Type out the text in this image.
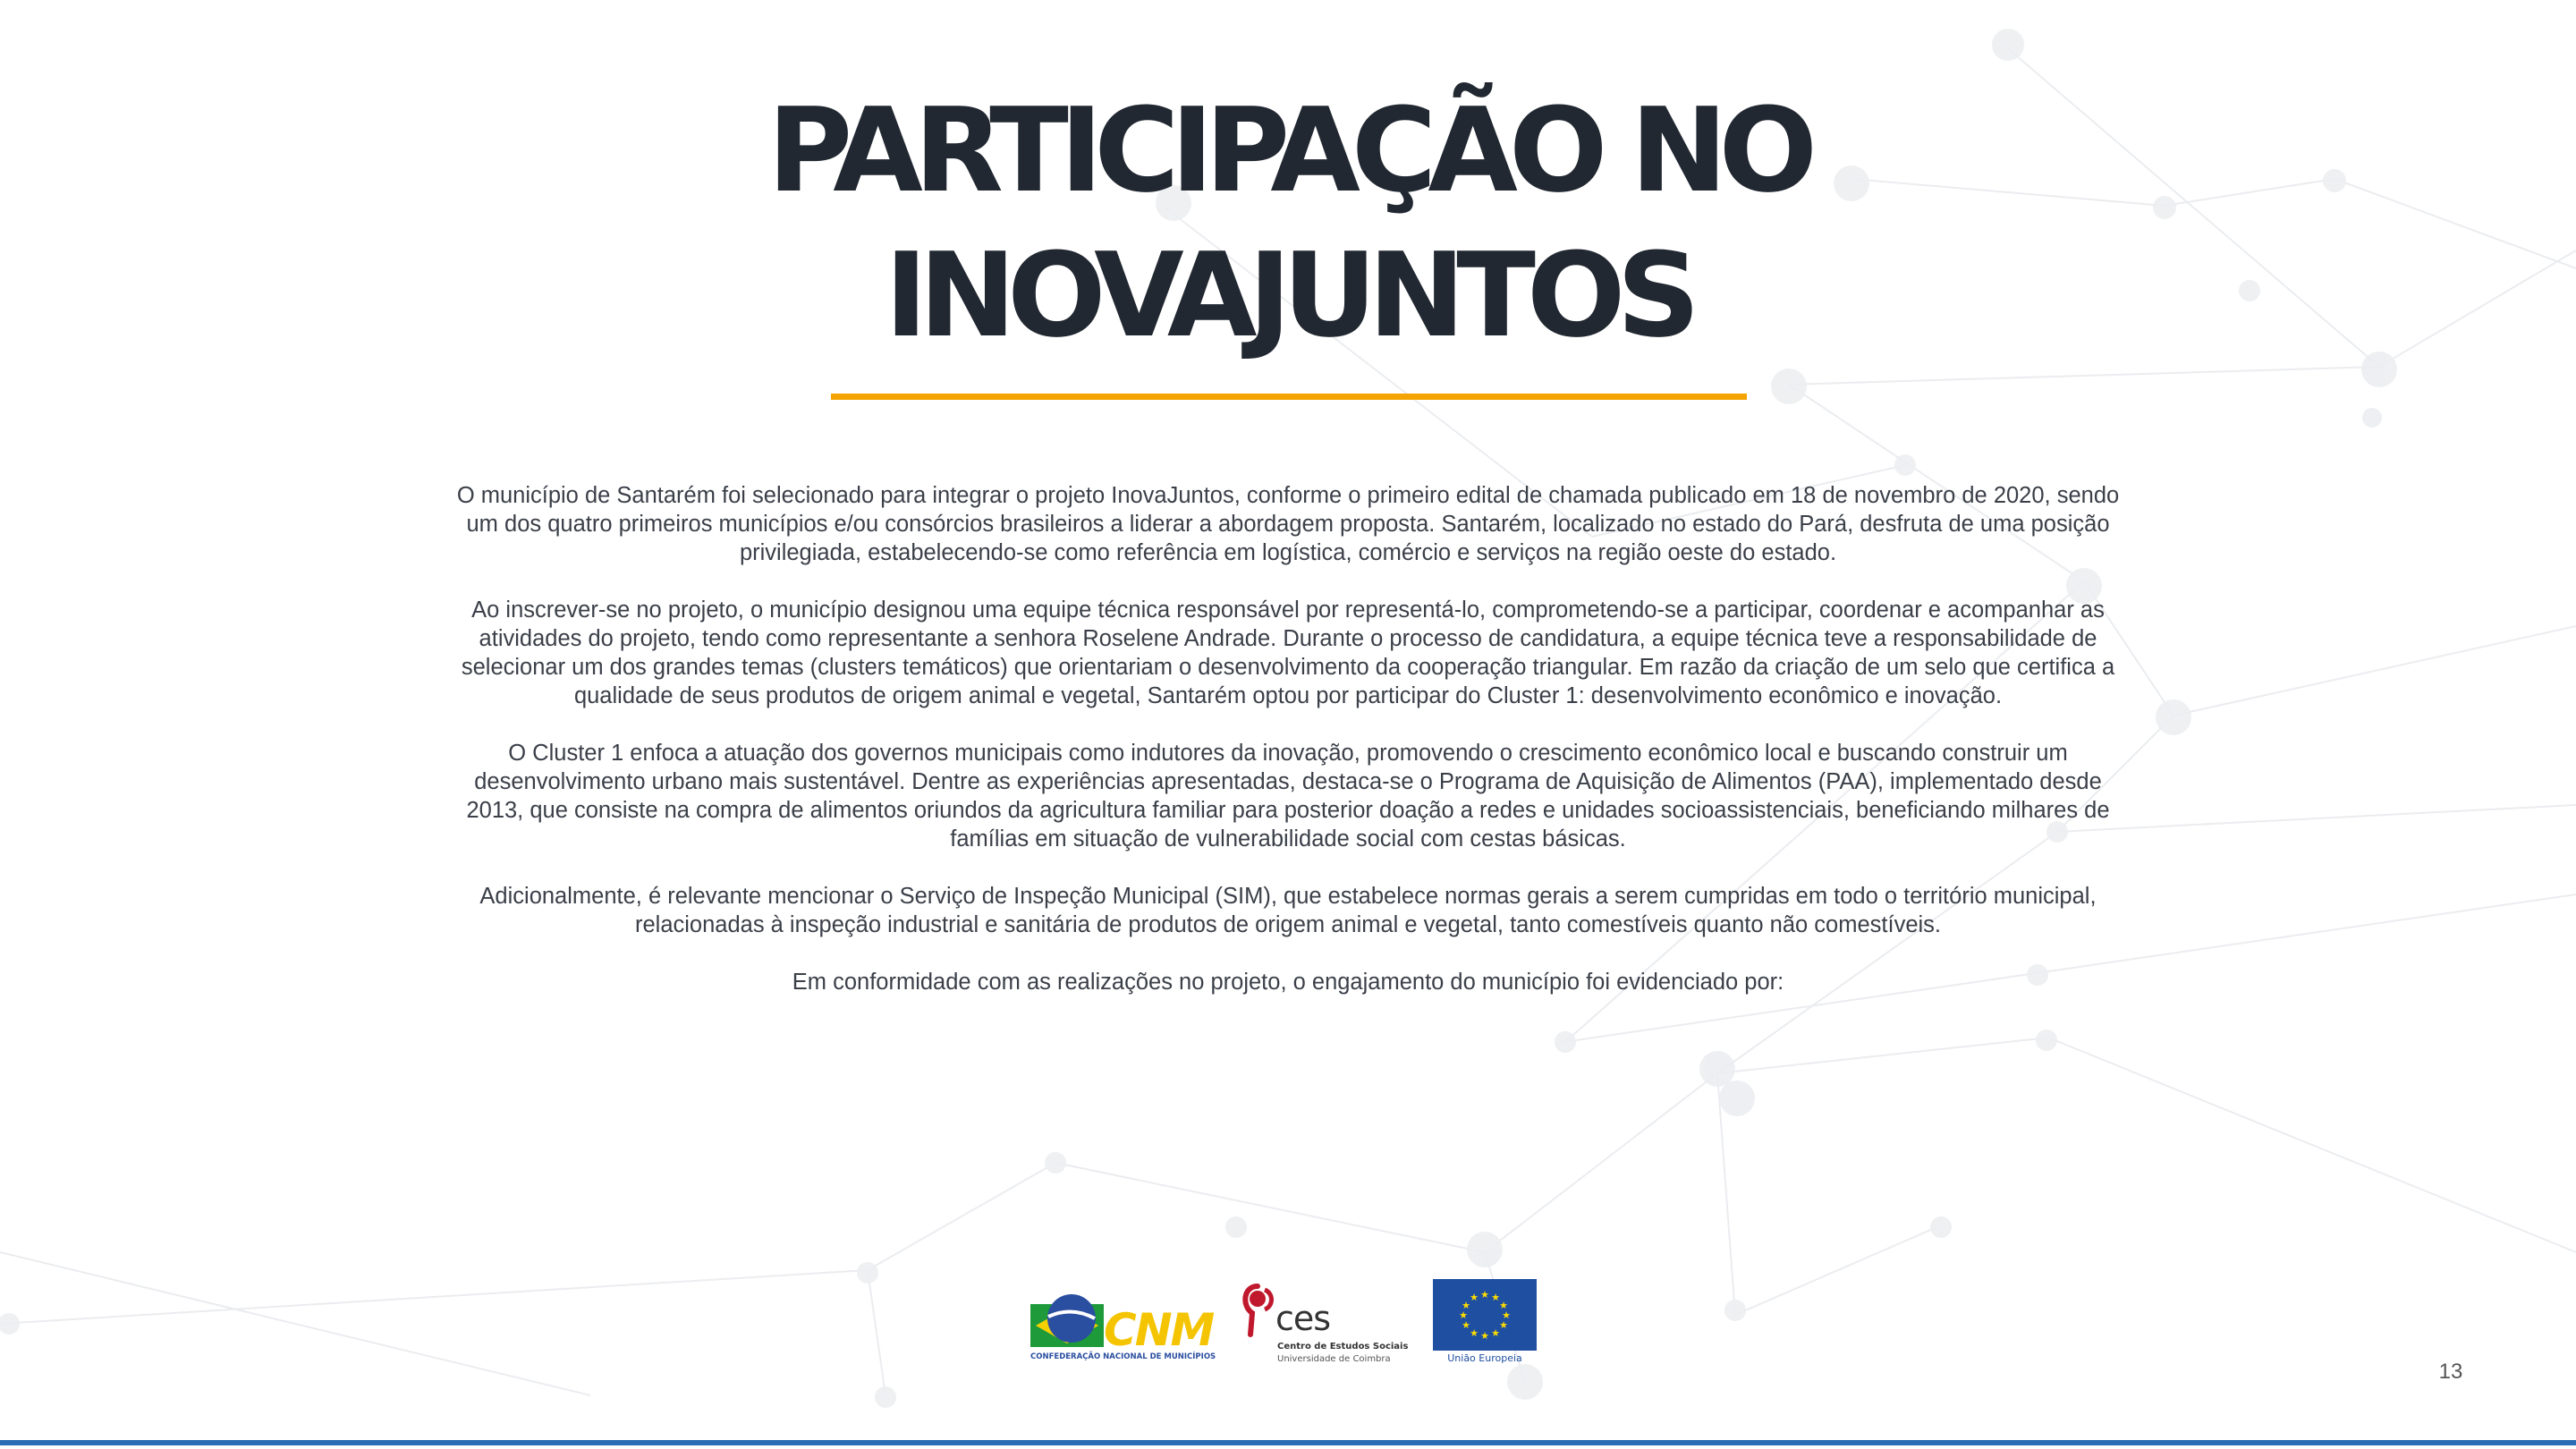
PARTICIPAÇÃO NO
INOVAJUNTOS

O município de Santarém foi selecionado para integrar o projeto InovaJuntos, conforme o primeiro edital de chamada publicado em 18 de novembro de 2020, sendo um dos quatro primeiros municípios e/ou consórcios brasileiros a liderar a abordagem proposta. Santarém, localizado no estado do Pará, desfruta de uma posição privilegiada, estabelecendo-se como referência em logística, comércio e serviços na região oeste do estado.

Ao inscrever-se no projeto, o município designou uma equipe técnica responsável por representá-lo, comprometendo-se a participar, coordenar e acompanhar as atividades do projeto, tendo como representante a senhora Roselene Andrade. Durante o processo de candidatura, a equipe técnica teve a responsabilidade de selecionar um dos grandes temas (clusters temáticos) que orientariam o desenvolvimento da cooperação triangular. Em razão da criação de um selo que certifica a qualidade de seus produtos de origem animal e vegetal, Santarém optou por participar do Cluster 1: desenvolvimento econômico e inovação.

O Cluster 1 enfoca a atuação dos governos municipais como indutores da inovação, promovendo o crescimento econômico local e buscando construir um desenvolvimento urbano mais sustentável. Dentre as experiências apresentadas, destaca-se o Programa de Aquisição de Alimentos (PAA), implementado desde 2013, que consiste na compra de alimentos oriundos da agricultura familiar para posterior doação a redes e unidades socioassistenciais, beneficiando milhares de famílias em situação de vulnerabilidade social com cestas básicas.

Adicionalmente, é relevante mencionar o Serviço de Inspeção Municipal (SIM), que estabelece normas gerais a serem cumpridas em todo o território municipal, relacionadas à inspeção industrial e sanitária de produtos de origem animal e vegetal, tanto comestíveis quanto não comestíveis.

Em conformidade com as realizações no projeto, o engajamento do município foi evidenciado por:

CNM
CONFEDERAÇÃO NACIONAL DE MUNICÍPIOS
ces
Centro de Estudos Sociais
Universidade de Coimbra
★ ★
★
★
★
★
★
★
★
★
★
★
União Europeia
13
